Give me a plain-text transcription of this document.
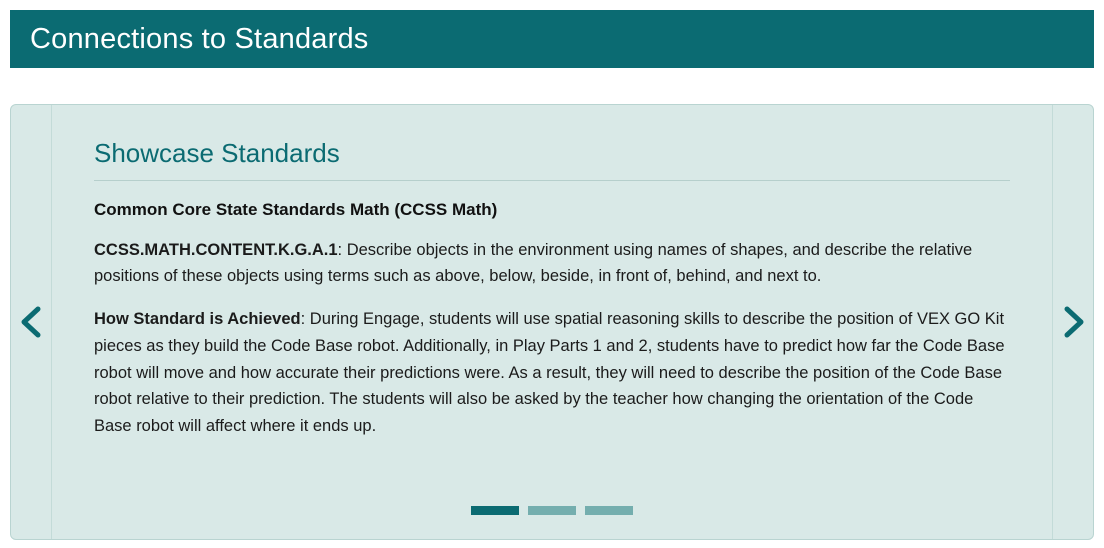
Connections to Standards
Showcase Standards

Common Core State Standards Math (CCSS Math)

CCSS.MATH.CONTENT.K.G.A.1: Describe objects in the environment using names of shapes, and describe the relative positions of these objects using terms such as above, below, beside, in front of, behind, and next to.

How Standard is Achieved: During Engage, students will use spatial reasoning skills to describe the position of VEX GO Kit pieces as they build the Code Base robot. Additionally, in Play Parts 1 and 2, students have to predict how far the Code Base robot will move and how accurate their predictions were. As a result, they will need to describe the position of the Code Base robot relative to their prediction. The students will also be asked by the teacher how changing the orientation of the Code Base robot will affect where it ends up.
